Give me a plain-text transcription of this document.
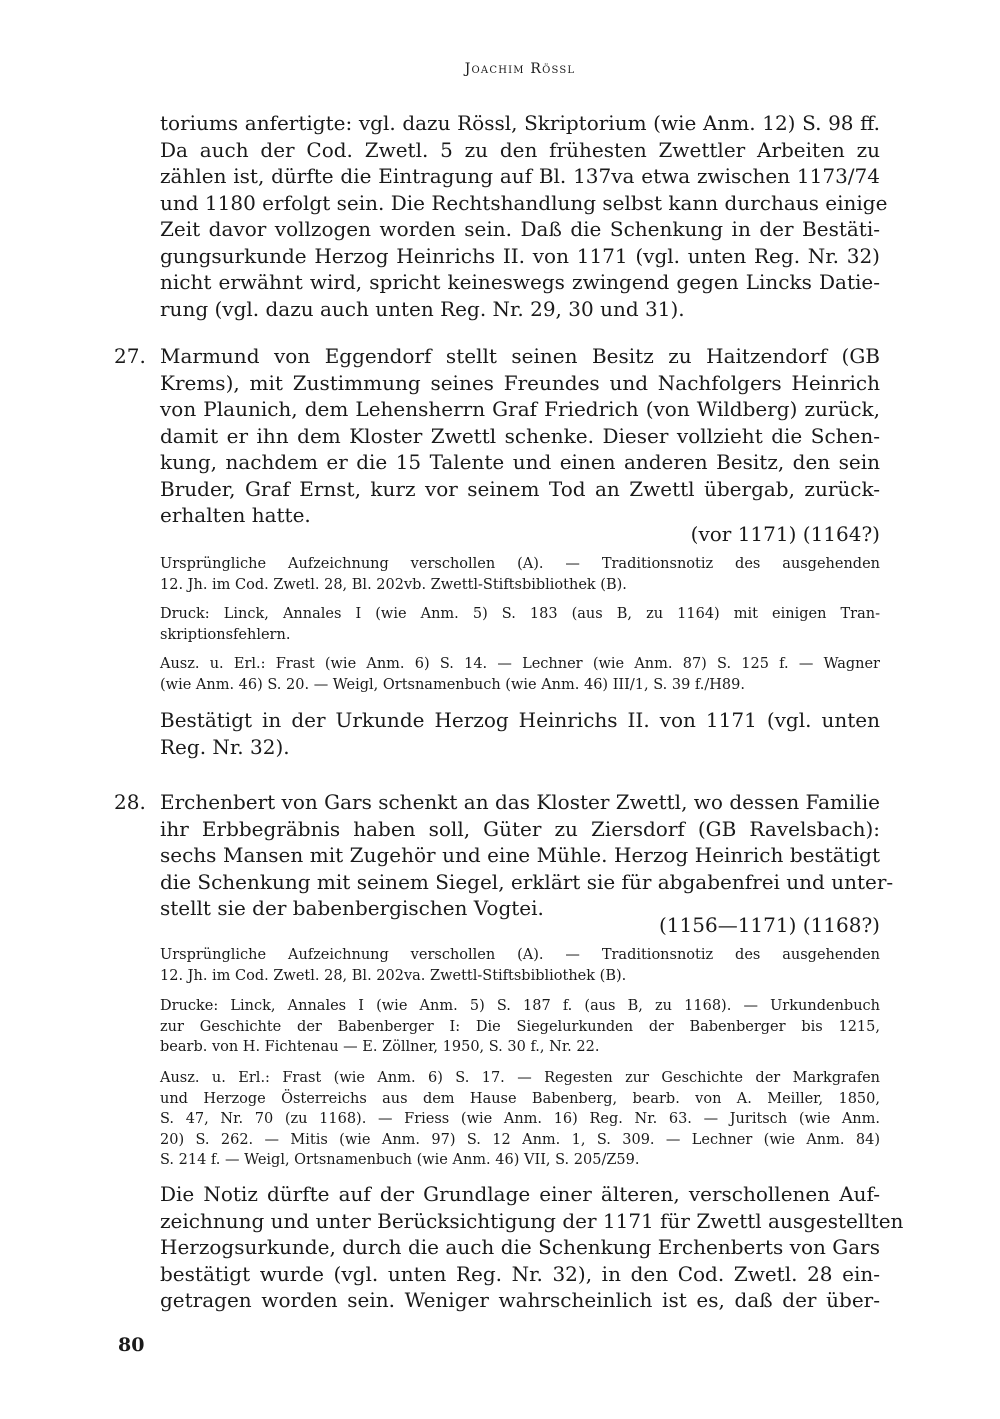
Joachim Rössl
toriums anfertigte: vgl. dazu Rössl, Skriptorium (wie Anm. 12) S. 98 ff.
Da auch der Cod. Zwetl. 5 zu den frühesten Zwettler Arbeiten zu
zählen ist, dürfte die Eintragung auf Bl. 137va etwa zwischen 1173/74
und 1180 erfolgt sein. Die Rechtshandlung selbst kann durchaus einige
Zeit davor vollzogen worden sein. Daß die Schenkung in der Bestäti-
gungsurkunde Herzog Heinrichs II. von 1171 (vgl. unten Reg. Nr. 32)
nicht erwähnt wird, spricht keineswegs zwingend gegen Lincks Datie-
rung (vgl. dazu auch unten Reg. Nr. 29, 30 und 31).
27. Marmund von Eggendorf stellt seinen Besitz zu Haitzendorf (GB
Krems), mit Zustimmung seines Freundes und Nachfolgers Heinrich
von Plaunich, dem Lehensherrn Graf Friedrich (von Wildberg) zurück,
damit er ihn dem Kloster Zwettl schenke. Dieser vollzieht die Schen-
kung, nachdem er die 15 Talente und einen anderen Besitz, den sein
Bruder, Graf Ernst, kurz vor seinem Tod an Zwettl übergab, zurück-
erhalten hatte.
(vor 1171) (1164?)
Ursprüngliche Aufzeichnung verschollen (A). — Traditionsnotiz des ausgehenden
12. Jh. im Cod. Zwetl. 28, Bl. 202vb. Zwettl-Stiftsbibliothek (B).
Druck: Linck, Annales I (wie Anm. 5) S. 183 (aus B, zu 1164) mit einigen Tran-
skriptionsfehlern.
Ausz. u. Erl.: Frast (wie Anm. 6) S. 14. — Lechner (wie Anm. 87) S. 125 f. — Wagner
(wie Anm. 46) S. 20. — Weigl, Ortsnamenbuch (wie Anm. 46) III/1, S. 39 f./H89.
Bestätigt in der Urkunde Herzog Heinrichs II. von 1171 (vgl. unten
Reg. Nr. 32).
28. Erchenbert von Gars schenkt an das Kloster Zwettl, wo dessen Familie
ihr Erbbegräbnis haben soll, Güter zu Ziersdorf (GB Ravelsbach):
sechs Mansen mit Zugehör und eine Mühle. Herzog Heinrich bestätigt
die Schenkung mit seinem Siegel, erklärt sie für abgabenfrei und unter-
stellt sie der babenbergischen Vogtei.
(1156—1171) (1168?)
Ursprüngliche Aufzeichnung verschollen (A). — Traditionsnotiz des ausgehenden
12. Jh. im Cod. Zwetl. 28, Bl. 202va. Zwettl-Stiftsbibliothek (B).
Drucke: Linck, Annales I (wie Anm. 5) S. 187 f. (aus B, zu 1168). — Urkundenbuch
zur Geschichte der Babenberger I: Die Siegelurkunden der Babenberger bis 1215,
bearb. von H. Fichtenau — E. Zöllner, 1950, S. 30 f., Nr. 22.
Ausz. u. Erl.: Frast (wie Anm. 6) S. 17. — Regesten zur Geschichte der Markgrafen
und Herzoge Österreichs aus dem Hause Babenberg, bearb. von A. Meiller, 1850,
S. 47, Nr. 70 (zu 1168). — Friess (wie Anm. 16) Reg. Nr. 63. — Juritsch (wie Anm.
20) S. 262. — Mitis (wie Anm. 97) S. 12 Anm. 1, S. 309. — Lechner (wie Anm. 84)
S. 214 f. — Weigl, Ortsnamenbuch (wie Anm. 46) VII, S. 205/Z59.
Die Notiz dürfte auf der Grundlage einer älteren, verschollenen Auf-
zeichnung und unter Berücksichtigung der 1171 für Zwettl ausgestellten
Herzogsurkunde, durch die auch die Schenkung Erchenberts von Gars
bestätigt wurde (vgl. unten Reg. Nr. 32), in den Cod. Zwetl. 28 ein-
getragen worden sein. Weniger wahrscheinlich ist es, daß der über-
80
